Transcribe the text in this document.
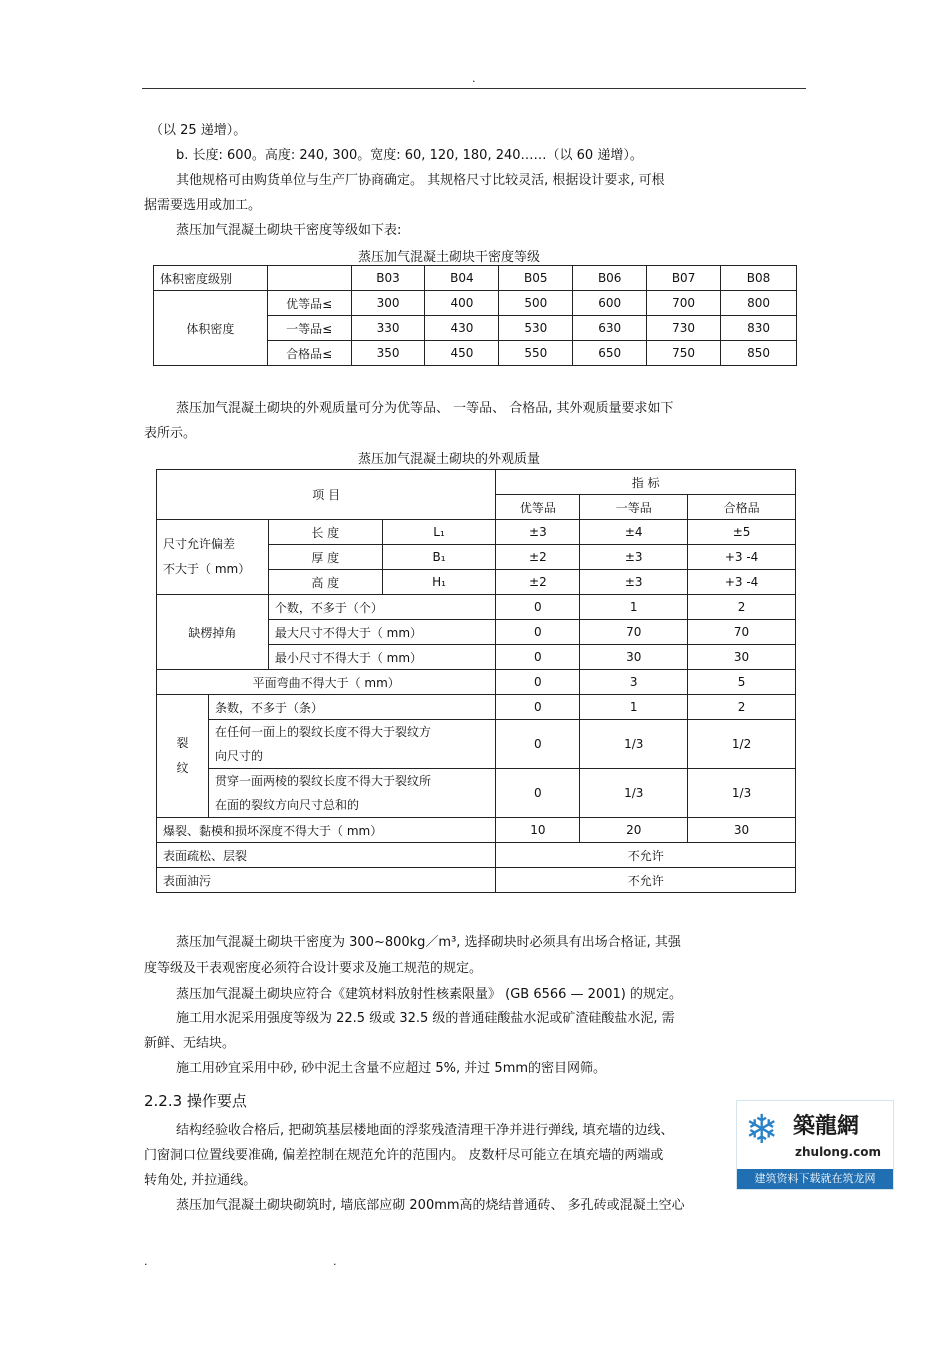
.
（以 25 递增）。
b. 长度: 600。高度: 240, 300。宽度: 60, 120, 180, 240……（以 60 递增）。
其他规格可由购货单位与生产厂协商确定。 其规格尺寸比较灵活, 根据设计要求, 可根
据需要选用或加工。
蒸压加气混凝土砌块干密度等级如下表:
蒸压加气混凝土砌块干密度等级
体积密度级别		B03	B04	B05	B06	B07	B08
体积密度	优等品≤	300	400	500	600	700	800
	一等品≤	330	430	530	630	730	830
	合格品≤	350	450	550	650	750	850
蒸压加气混凝土砌块的外观质量可分为优等品、 一等品、 合格品, 其外观质量要求如下
表所示。
蒸压加气混凝土砌块的外观质量
项 目				指 标		
				优等品	一等品	合格品

尺寸允许偏差
不大于（ mm）		长 度	L₁	±3	±4	±5
		厚 度	B₁	±2	±3	+3 -4
		高 度	H₁	±2	±3	+3 -4
缺楞掉角		个数，不多于（个）		0	1	2
		最大尺寸不得大于（ mm）		0	70	70
		最小尺寸不得大于（ mm）		0	30	30
平面弯曲不得大于（ mm）				0	3	5

裂
纹	条数，不多于（条）			0	1	2

	在任何一面上的裂纹长度不得大于裂纹方
向尺寸的			0	1/3	1/2

	贯穿一面两棱的裂纹长度不得大于裂纹所
在面的裂纹方向尺寸总和的			0	1/3	1/3
爆裂、黏模和损坏深度不得大于（ mm）				10	20	30
表面疏松、层裂				不允许		
表面油污				不允许		
蒸压加气混凝土砌块干密度为 300~800kg／m³, 选择砌块时必须具有出场合格证, 其强
度等级及干表观密度必须符合设计要求及施工规范的规定。
蒸压加气混凝土砌块应符合《建筑材料放射性核素限量》 (GB 6566 — 2001) 的规定。
施工用水泥采用强度等级为 22.5 级或 32.5 级的普通硅酸盐水泥或矿渣硅酸盐水泥, 需
新鲜、无结块。
施工用砂宜采用中砂, 砂中泥土含量不应超过 5%, 并过 5mm的密目网筛。
2.2.3 操作要点
结构经验收合格后, 把砌筑基层楼地面的浮浆残渣清理干净并进行弹线, 填充墙的边线、
门窗洞口位置线要准确, 偏差控制在规范允许的范围内。 皮数杆尽可能立在填充墙的两端或
转角处, 并拉通线。
蒸压加气混凝土砌块砌筑时, 墙底部应砌 200mm高的烧结普通砖、 多孔砖或混凝土空心
❄ 築龍網
zhulong.com
建筑资料下载就在筑龙网
.	.
